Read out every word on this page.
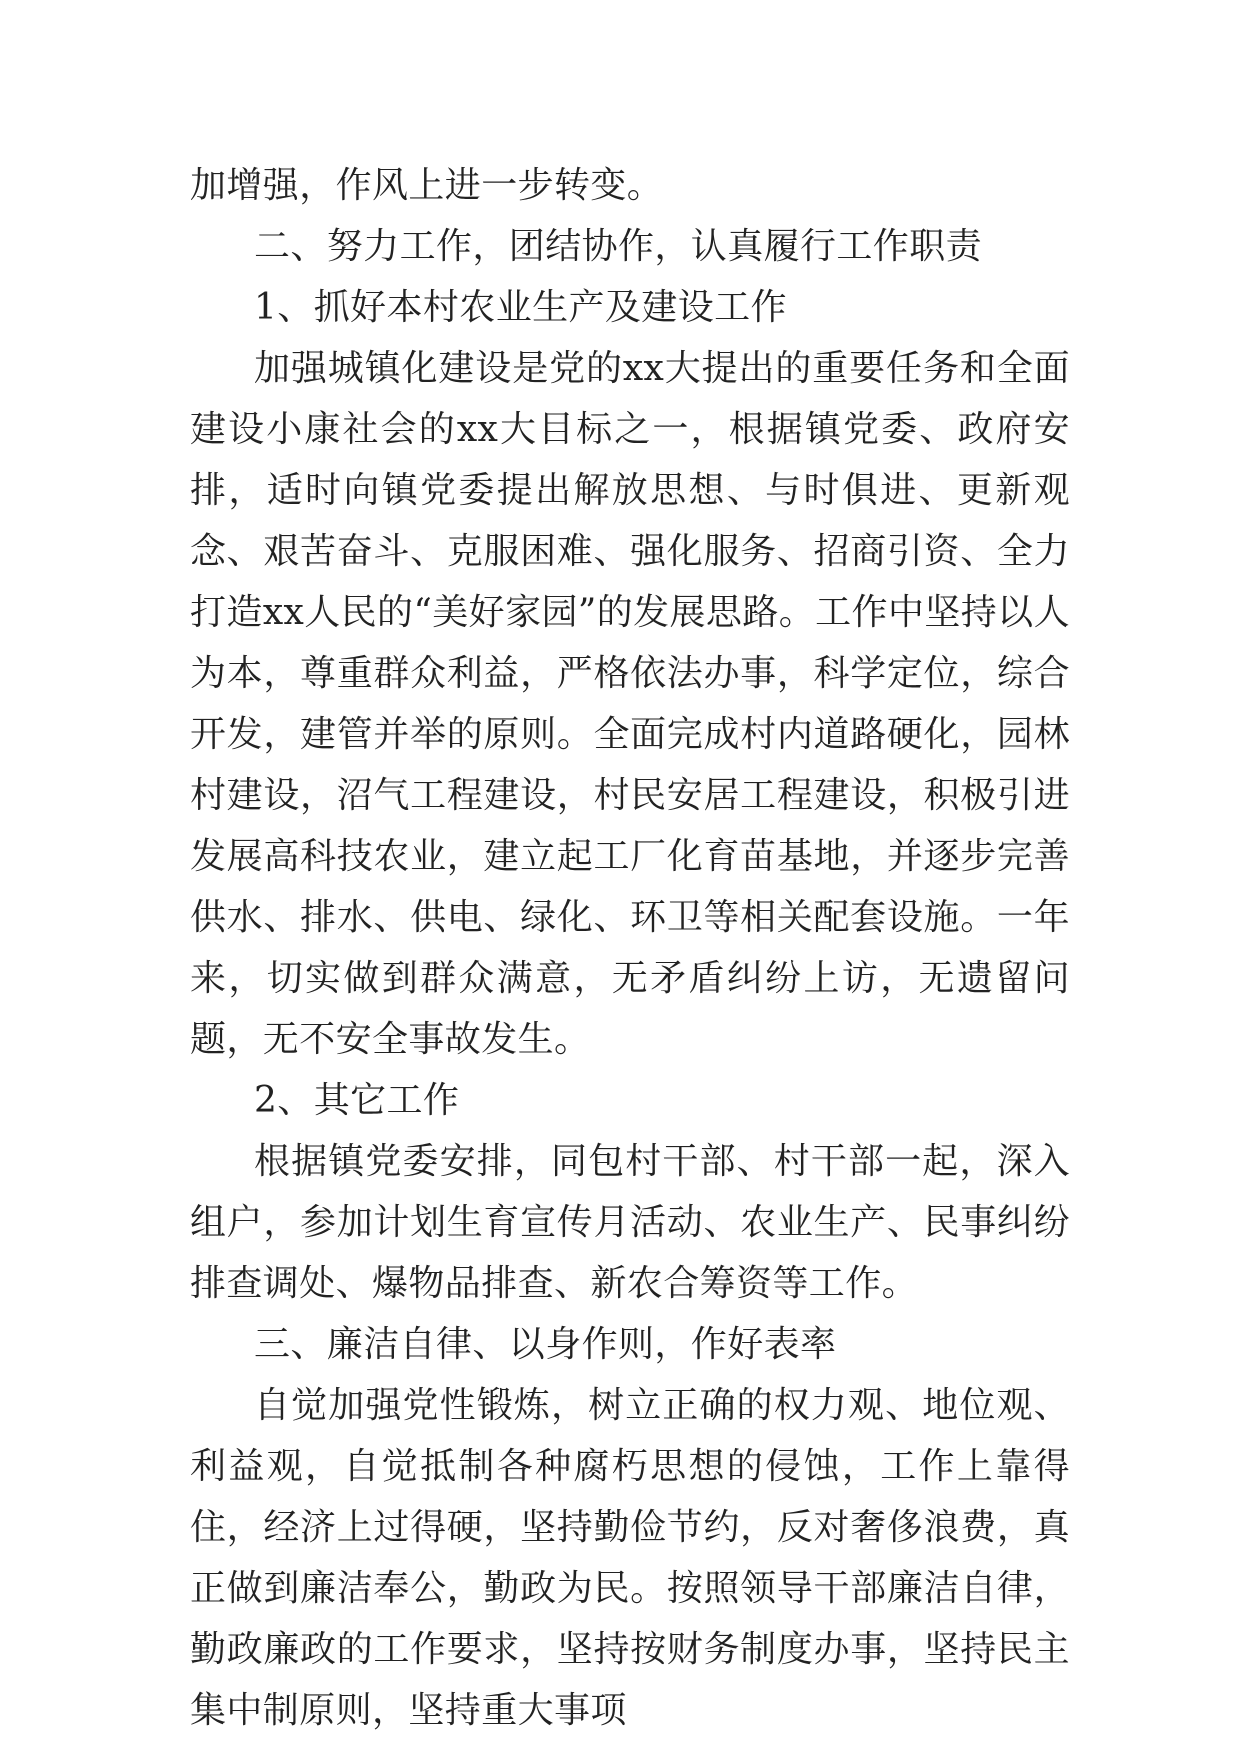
加增强，作风上进一步转变。

二、努力工作，团结协作，认真履行工作职责

1、抓好本村农业生产及建设工作

加强城镇化建设是党的xx大提出的重要任务和全面建设小康社会的xx大目标之一，根据镇党委、政府安排，适时向镇党委提出解放思想、与时俱进、更新观念、艰苦奋斗、克服困难、强化服务、招商引资、全力打造xx人民的“美好家园”的发展思路。工作中坚持以人为本，尊重群众利益，严格依法办事，科学定位，综合开发，建管并举的原则。全面完成村内道路硬化，园林村建设，沼气工程建设，村民安居工程建设，积极引进发展高科技农业，建立起工厂化育苗基地，并逐步完善供水、排水、供电、绿化、环卫等相关配套设施。一年来，切实做到群众满意，无矛盾纠纷上访，无遗留问题，无不安全事故发生。

2、其它工作

根据镇党委安排，同包村干部、村干部一起，深入组户，参加计划生育宣传月活动、农业生产、民事纠纷排查调处、爆物品排查、新农合筹资等工作。

三、廉洁自律、以身作则，作好表率

自觉加强党性锻炼，树立正确的权力观、地位观、利益观，自觉抵制各种腐朽思想的侵蚀，工作上靠得住，经济上过得硬，坚持勤俭节约，反对奢侈浪费，真正做到廉洁奉公，勤政为民。按照领导干部廉洁自律，勤政廉政的工作要求，坚持按财务制度办事，坚持民主集中制原则，坚持重大事项
